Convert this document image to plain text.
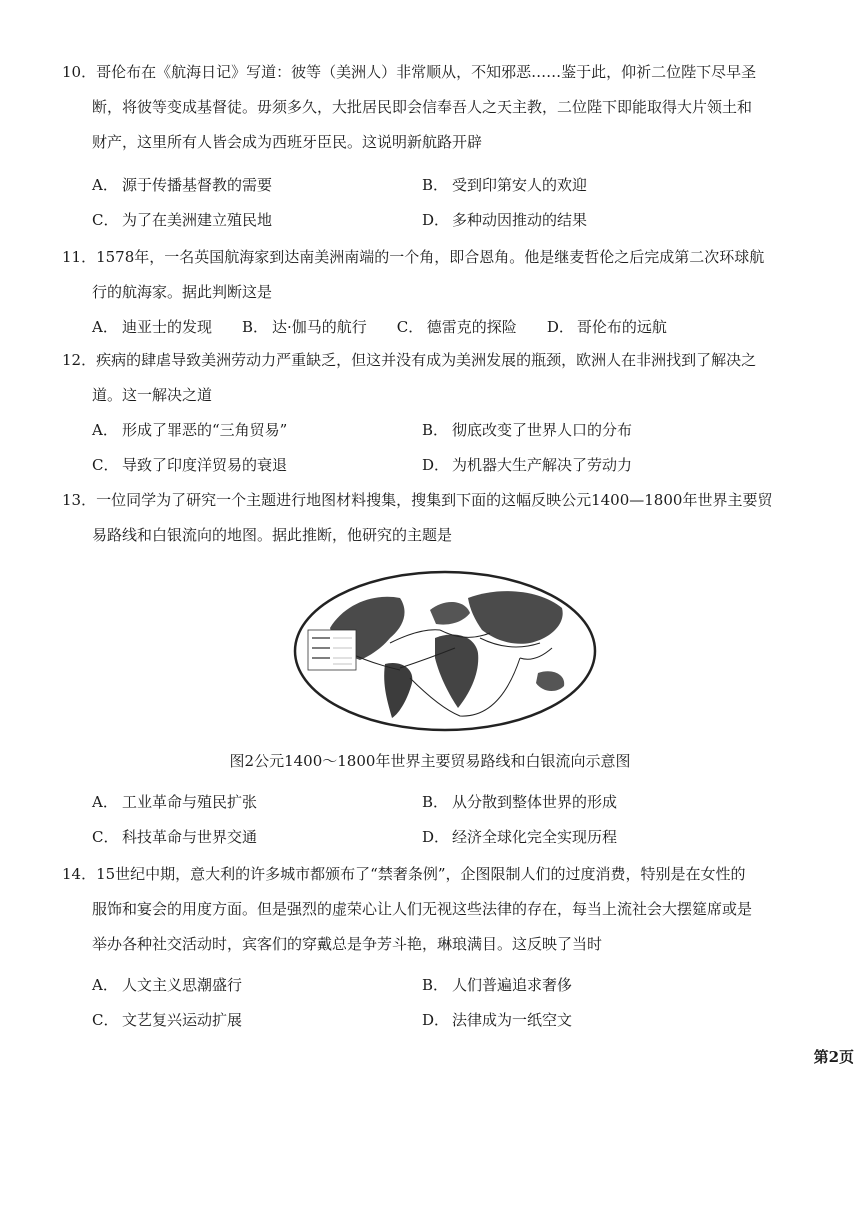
10．哥伦布在《航海日记》写道：彼等（美洲人）非常顺从，不知邪恶……鉴于此，仰祈二位陛下尽早圣
断，将彼等变成基督徒。毋须多久，大批居民即会信奉吾人之天主教，二位陛下即能取得大片领土和
财产，这里所有人皆会成为西班牙臣民。这说明新航路开辟
A． 源于传播基督教的需要	B． 受到印第安人的欢迎
C． 为了在美洲建立殖民地	D． 多种动因推动的结果
11．1578年，一名英国航海家到达南美洲南端的一个角，即合恩角。他是继麦哲伦之后完成第二次环球航
行的航海家。据此判断这是
A． 迪亚士的发现 B． 达·伽马的航行 C． 德雷克的探险 D． 哥伦布的远航
12．疾病的肆虐导致美洲劳动力严重缺乏，但这并没有成为美洲发展的瓶颈，欧洲人在非洲找到了解决之
道。这一解决之道
A． 形成了罪恶的“三角贸易”	B． 彻底改变了世界人口的分布
C． 导致了印度洋贸易的衰退	D． 为机器大生产解决了劳动力
13．一位同学为了研究一个主题进行地图材料搜集，搜集到下面的这幅反映公元1400—1800年世界主要贸
易路线和白银流向的地图。据此推断，他研究的主题是
图2公元1400～1800年世界主要贸易路线和白银流向示意图
A． 工业革命与殖民扩张	B． 从分散到整体世界的形成
C． 科技革命与世界交通	D． 经济全球化完全实现历程
14．15世纪中期，意大利的许多城市都颁布了“禁奢条例”，企图限制人们的过度消费，特别是在女性的
服饰和宴会的用度方面。但是强烈的虚荣心让人们无视这些法律的存在，每当上流社会大摆筵席或是
举办各种社交活动时，宾客们的穿戴总是争芳斗艳，琳琅满目。这反映了当时
A． 人文主义思潮盛行	B． 人们普遍追求奢侈
C． 文艺复兴运动扩展	D． 法律成为一纸空文
第2页
